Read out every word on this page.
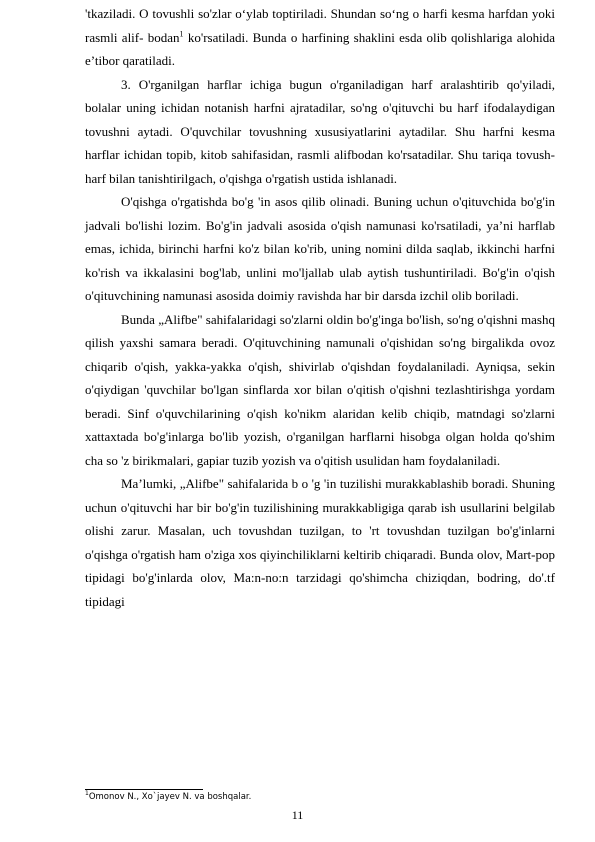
'tkaziladi. O tovushli so'zlar o‘ylab toptiriladi. Shundan so‘ng o harfi kesma harfdan yoki rasmli alif- bodan$^1$ ko'rsatiladi. Bunda o harfining shaklini esda olib qolishlariga alohida e’tibor qaratiladi.

3. O'rganilgan harflar ichiga bugun o'rganiladigan harf aralashtirib qo'yiladi, bolalar uning ichidan notanish harfni ajratadilar, so'ng o'qituvchi bu harf ifodalaydigan tovushni aytadi. O'quvchilar tovushning xususiyatlarini aytadilar. Shu harfni kesma harflar ichidan topib, kitob sahifasidan, rasmli alifbodan ko'rsatadilar. Shu tariqa tovush-harf bilan tanishtirilgach, o'qishga o'rgatish ustida ishlanadi.

O'qishga o'rgatishda bo'g 'in asos qilib olinadi. Buning uchun o'qituvchida bo'g'in jadvali bo'lishi lozim. Bo'g'in jadvali asosida o'qish namunasi ko'rsatiladi, ya’ni harflab emas, ichida, birinchi harfni ko'z bilan ko'rib, uning nomini dilda saqlab, ikkinchi harfni ko'rish va ikkalasini bog'lab, unlini mo'ljallab ulab aytish tushuntiriladi. Bo'g'in o'qish o'qituvchining namunasi asosida doimiy ravishda har bir darsda izchil olib boriladi.

Bunda „Alifbe" sahifalaridagi so'zlarni oldin bo'g'inga bo'lish, so'ng o'qishni mashq qilish yaxshi samara beradi. O'qituvchining namunali o'qishidan so'ng birgalikda ovoz chiqarib o'qish, yakka-yakka o'qish, shivirlab o'qishdan foydalaniladi. Ayniqsa, sekin o'qiydigan 'quvchilar bo'lgan sinflarda xor bilan o'qitish o'qishni tezlashtirishga yordam beradi. Sinf o'quvchilarining o'qish ko'nikm alaridan kelib chiqib, matndagi so'zlarni xattaxtada bo'g'inlarga bo'lib yozish, o'rganilgan harflarni hisobga olgan holda qo'shim cha so 'z birikmalari, gapiar tuzib yozish va o'qitish usulidan ham foydalaniladi.

Ma’lumki, „Alifbe" sahifalarida b o 'g 'in tuzilishi murakkablashib boradi. Shuning uchun o'qituvchi har bir bo'g'in tuzilishining murakkabligiga qarab ish usullarini belgilab olishi zarur. Masalan, uch tovushdan tuzilgan, to 'rt tovushdan tuzilgan bo'g'inlarni o'qishga o'rgatish ham o'ziga xos qiyinchiliklarni keltirib chiqaradi. Bunda olov, Mart-pop tipidagi bo'g'inlarda olov, Ma:n-no:n tarzidagi qo'shimcha chiziqdan, bodring, do'.tf tipidagi

$^1$Omonov N., Xo`jayev N. va boshqalar.
11
